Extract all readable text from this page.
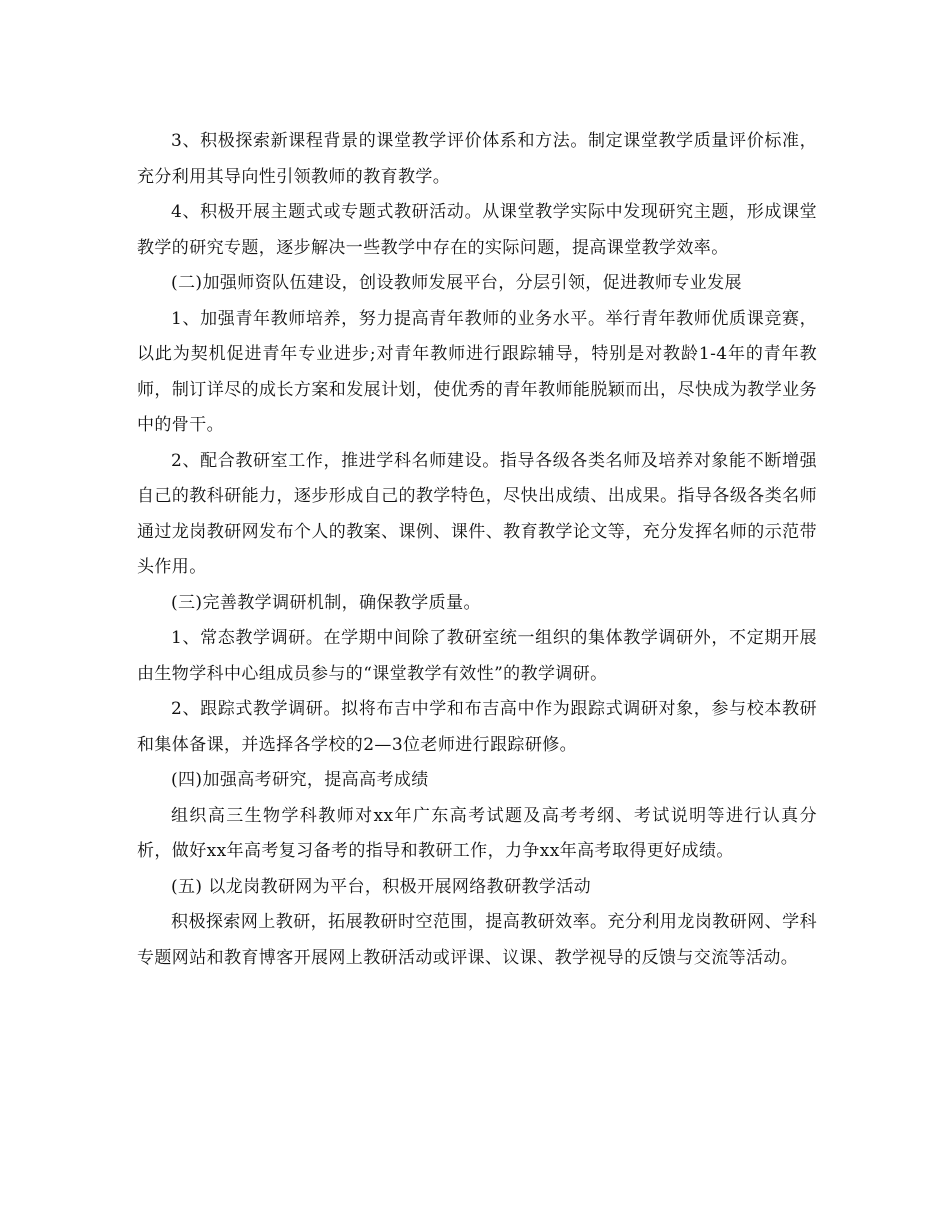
3、积极探索新课程背景的课堂教学评价体系和方法。制定课堂教学质量评价标准，充分利用其导向性引领教师的教育教学。

4、积极开展主题式或专题式教研活动。从课堂教学实际中发现研究主题，形成课堂教学的研究专题，逐步解决一些教学中存在的实际问题，提高课堂教学效率。

(二)加强师资队伍建设，创设教师发展平台，分层引领，促进教师专业发展

1、加强青年教师培养，努力提高青年教师的业务水平。举行青年教师优质课竞赛，以此为契机促进青年专业进步;对青年教师进行跟踪辅导，特别是对教龄1-4年的青年教师，制订详尽的成长方案和发展计划，使优秀的青年教师能脱颖而出，尽快成为教学业务中的骨干。

2、配合教研室工作，推进学科名师建设。指导各级各类名师及培养对象能不断增强自己的教科研能力，逐步形成自己的教学特色，尽快出成绩、出成果。指导各级各类名师通过龙岗教研网发布个人的教案、课例、课件、教育教学论文等，充分发挥名师的示范带头作用。

(三)完善教学调研机制，确保教学质量。

1、常态教学调研。在学期中间除了教研室统一组织的集体教学调研外，不定期开展由生物学科中心组成员参与的“课堂教学有效性”的教学调研。

2、跟踪式教学调研。拟将布吉中学和布吉高中作为跟踪式调研对象，参与校本教研和集体备课，并选择各学校的2—3位老师进行跟踪研修。

(四)加强高考研究，提高高考成绩

组织高三生物学科教师对xx年广东高考试题及高考考纲、考试说明等进行认真分析，做好xx年高考复习备考的指导和教研工作，力争xx年高考取得更好成绩。

(五) 以龙岗教研网为平台，积极开展网络教研教学活动

积极探索网上教研，拓展教研时空范围，提高教研效率。充分利用龙岗教研网、学科专题网站和教育博客开展网上教研活动或评课、议课、教学视导的反馈与交流等活动。
